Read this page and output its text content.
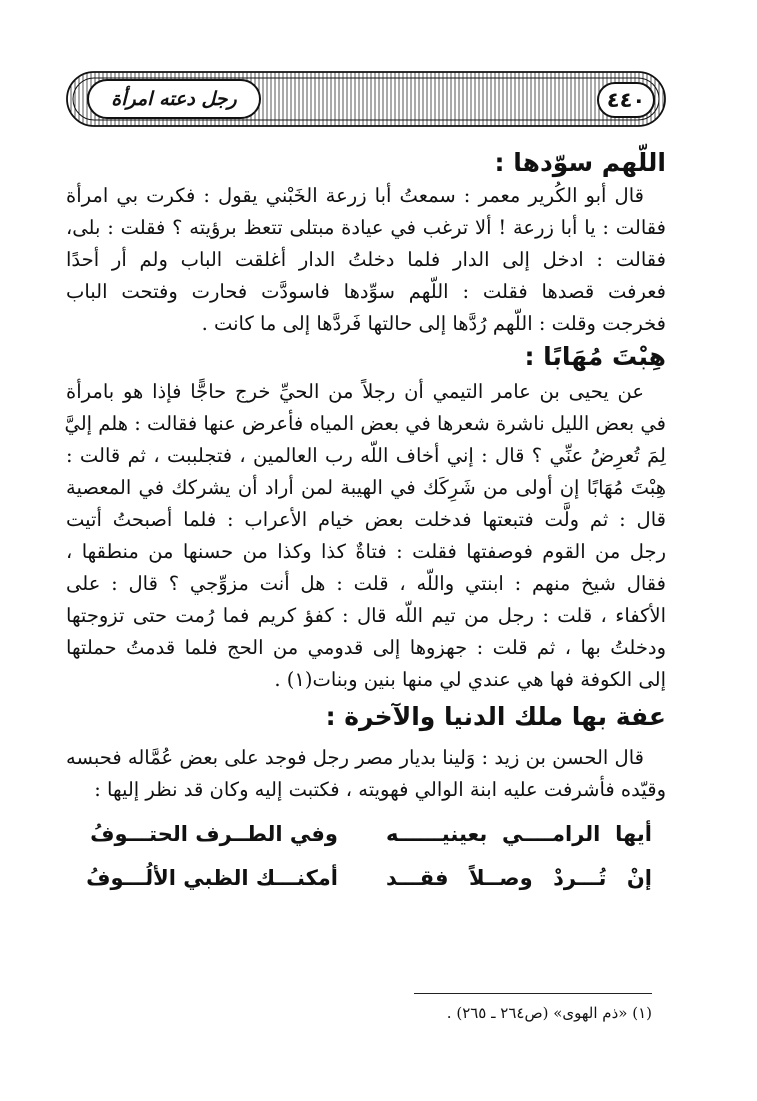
رجل دعته امرأة	٤٤٠
اللّهم سوّدها :
قال أبو الكُرير معمر : سمعتُ أبا زرعة الخَبْني يقول : فكرت بي امرأة
فقالت : يا أبا زرعة ! ألا ترغب في عيادة مبتلى تتعظ برؤيته ؟ فقلت : بلى،
فقالت : ادخل إلى الدار فلما دخلتُ الدار أغلقت الباب ولم أر أحدًا
فعرفت قصدها فقلت : اللّهم سوِّدها فاسودَّت فحارت وفتحت الباب
فخرجت وقلت : اللّهم رُدَّها إلى حالتها فَردَّها إلى ما كانت .
هِبْتَ مُهَابًا :
عن يحيى بن عامر التيمي أن رجلاً من الحيِّ خرج حاجًّا فإذا هو بامرأة
في بعض الليل ناشرة شعرها في بعض المياه فأعرض عنها فقالت : هلم إليَّ
لِمَ تُعرِضُ عنِّي ؟ قال : إني أخاف اللّه رب العالمين ، فتجلببت ، ثم قالت :
هِبْتَ مُهَابًا إن أولى من شَرِكَك في الهيبة لمن أراد أن يشركك في المعصية
قال : ثم ولَّت فتبعتها فدخلت بعض خيام الأعراب : فلما أصبحتُ أتيت
رجل من القوم فوصفتها فقلت : فتاةٌ كذا وكذا من حسنها من منطقها ،
فقال شيخ منهم : ابنتي واللّه ، قلت : هل أنت مزوِّجي ؟ قال : على
الأكفاء ، قلت : رجل من تيم اللّه قال : كفؤ كريم فما رُمت حتى تزوجتها
ودخلتُ بها ، ثم قلت : جهزوها إلى قدومي من الحج فلما قدمتُ حملتها
إلى الكوفة فها هي عندي لي منها بنين وبنات(١) .
عفة بها ملك الدنيا والآخرة :
قال الحسن بن زيد : وَلينا بديار مصر رجل فوجد على بعض عُمَّاله فحبسه
وقيّده فأشرفت عليه ابنة الوالي فهويته ، فكتبت إليه وكان قد نظر إليها :
أيها الرامــــي بعينيــــــه
وفي الطــرف الحتـــوفُ
إنْ تُـــردْ وصــلاً فقـــد
أمكنـــك الظبي الألُـــوفُ
(١) «ذم الهوى» (ص٢٦٤ ـ ٢٦٥) .
